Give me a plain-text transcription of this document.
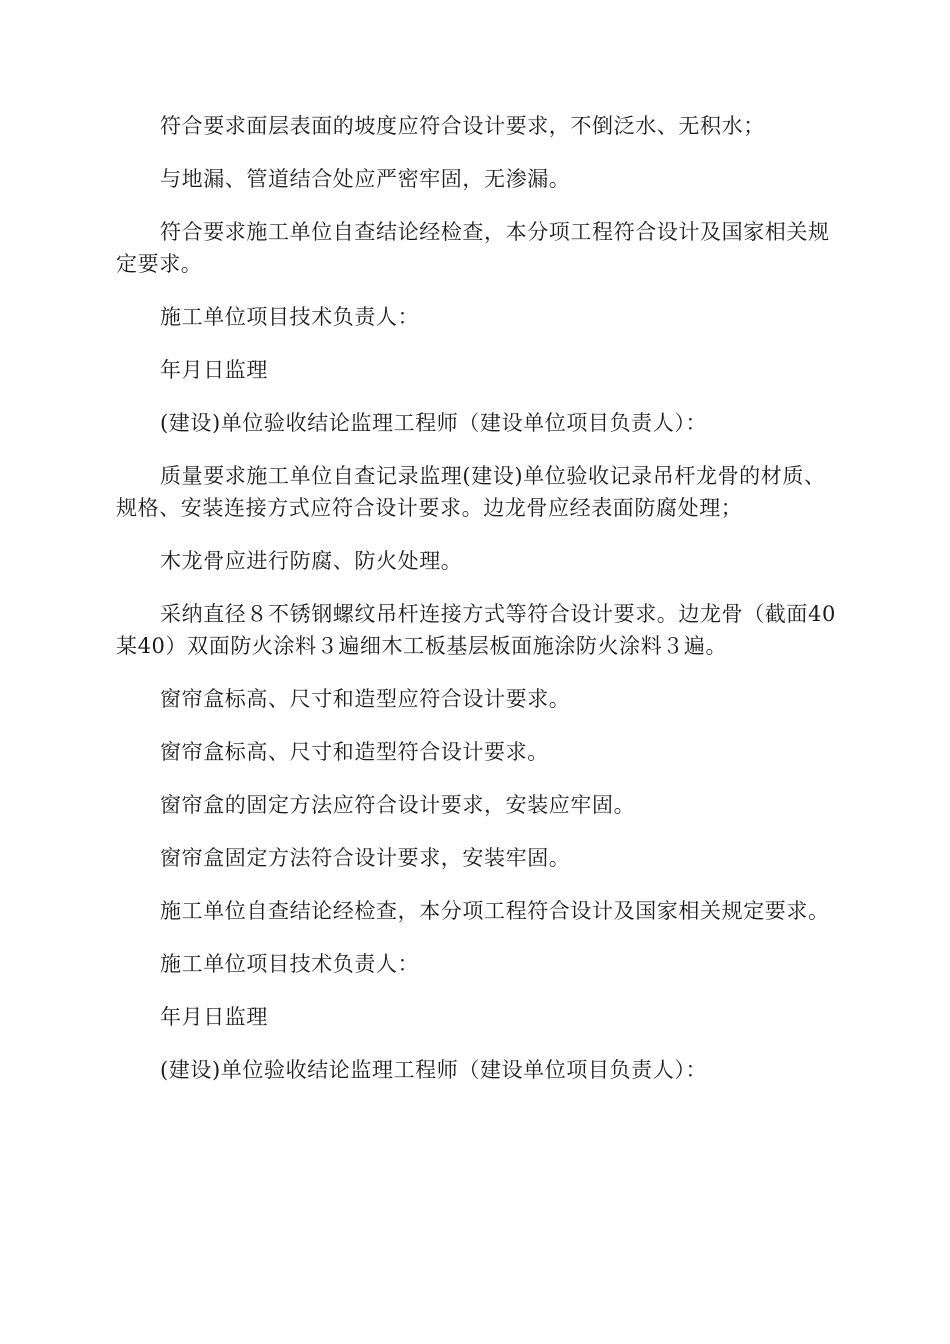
符合要求面层表面的坡度应符合设计要求，不倒泛水、无积水；

与地漏、管道结合处应严密牢固，无渗漏。

符合要求施工单位自查结论经检查，本分项工程符合设计及国家相关规定要求。

施工单位项目技术负责人：

年月日监理

(建设)单位验收结论监理工程师（建设单位项目负责人）：

质量要求施工单位自查记录监理(建设)单位验收记录吊杆龙骨的材质、规格、安装连接方式应符合设计要求。边龙骨应经表面防腐处理；

木龙骨应进行防腐、防火处理。

采纳直径８不锈钢螺纹吊杆连接方式等符合设计要求。边龙骨（截面40某40）双面防火涂料３遍细木工板基层板面施涂防火涂料３遍。

窗帘盒标高、尺寸和造型应符合设计要求。

窗帘盒标高、尺寸和造型符合设计要求。

窗帘盒的固定方法应符合设计要求，安装应牢固。

窗帘盒固定方法符合设计要求，安装牢固。

施工单位自查结论经检查，本分项工程符合设计及国家相关规定要求。

施工单位项目技术负责人：

年月日监理

(建设)单位验收结论监理工程师（建设单位项目负责人）：
